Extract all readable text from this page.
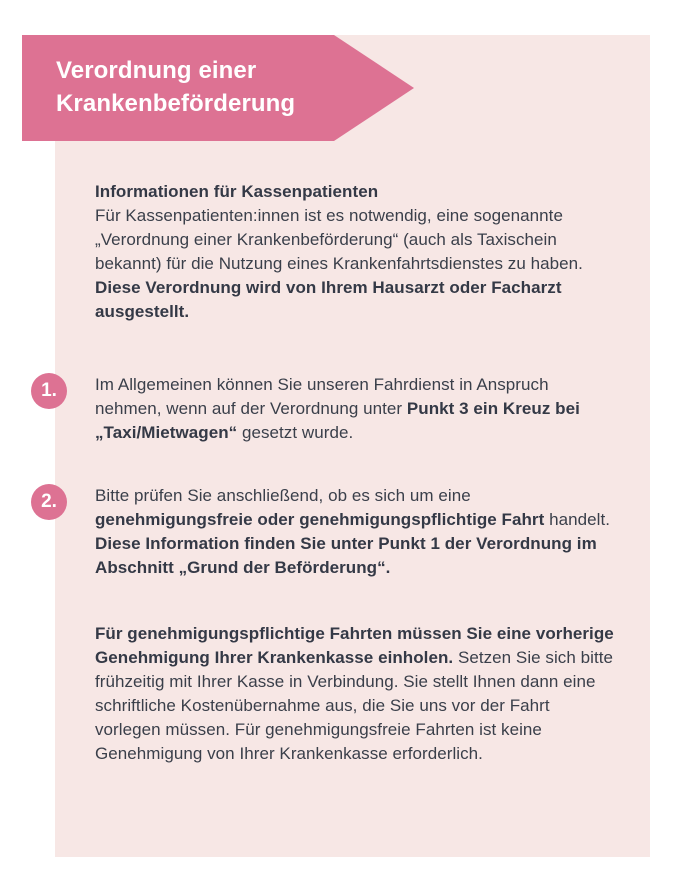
Verordnung einer
Krankenbeförderung

Informationen für Kassenpatienten
Für Kassenpatienten:innen ist es notwendig, eine sogenannte „Verordnung einer Krankenbeförderung“ (auch als Taxischein bekannt) für die Nutzung eines Krankenfahrtsdienstes zu haben. Diese Verordnung wird von Ihrem Hausarzt oder Facharzt ausgestellt.

1.	Im Allgemeinen können Sie unseren Fahrdienst in Anspruch nehmen, wenn auf der Verordnung unter Punkt 3 ein Kreuz bei „Taxi/Mietwagen“ gesetzt wurde.

2.	Bitte prüfen Sie anschließend, ob es sich um eine genehmigungsfreie oder genehmigungspflichtige Fahrt handelt. Diese Information finden Sie unter Punkt 1 der Verordnung im Abschnitt „Grund der Beförderung“.

Für genehmigungspflichtige Fahrten müssen Sie eine vorherige Genehmigung Ihrer Krankenkasse einholen. Setzen Sie sich bitte frühzeitig mit Ihrer Kasse in Verbindung. Sie stellt Ihnen dann eine schriftliche Kostenübernahme aus, die Sie uns vor der Fahrt vorlegen müssen. Für genehmigungsfreie Fahrten ist keine Genehmigung von Ihrer Krankenkasse erforderlich.
